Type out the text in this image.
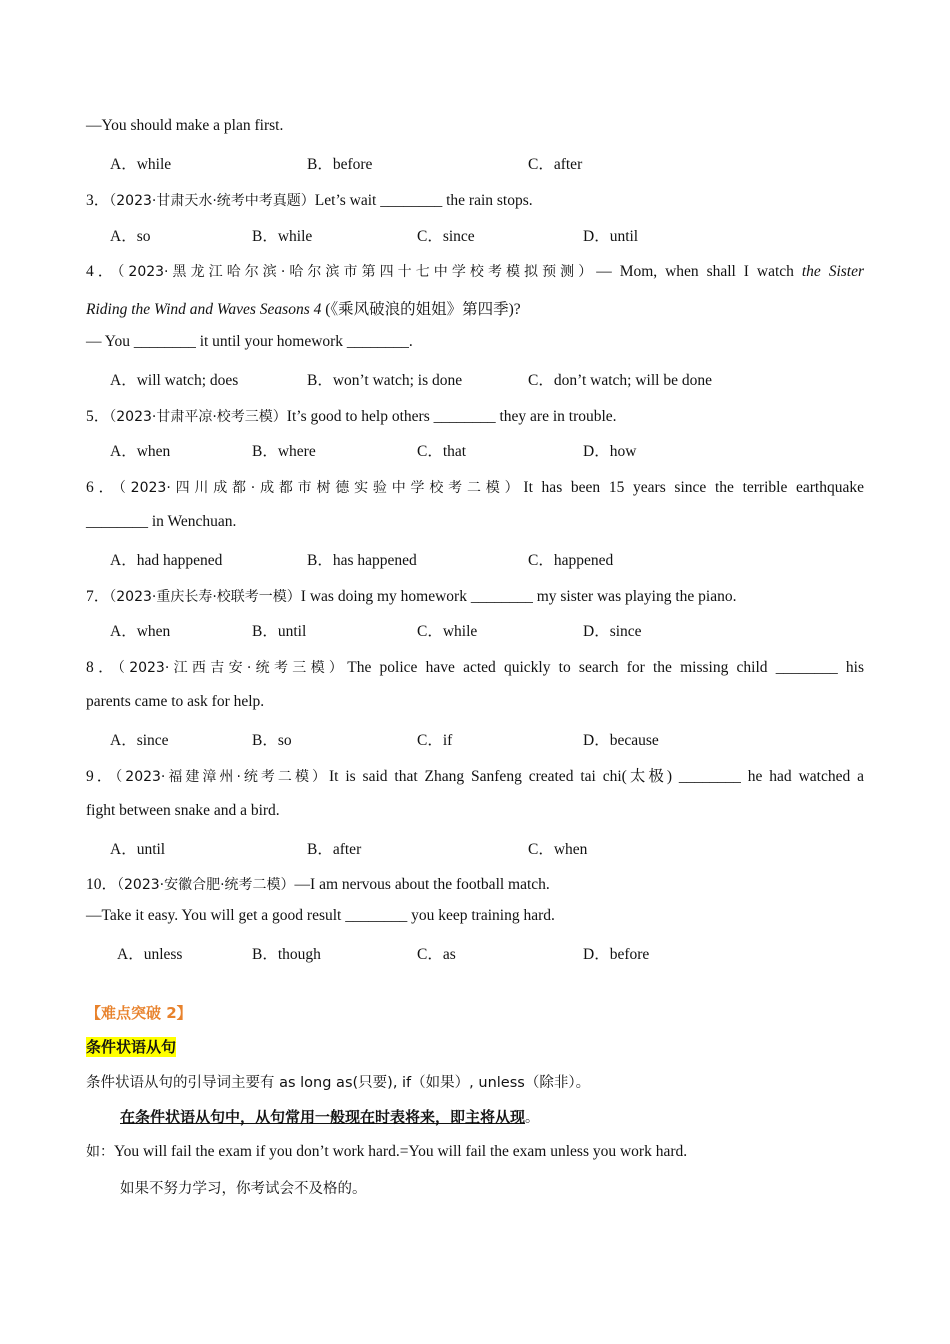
—You should make a plan first.
A．while	B．before	C．after
3．（2023·甘肃天水·统考中考真题）Let’s wait ________ the rain stops.
A．so	B．while	C．since	D．until
4．（2023·黑龙江哈尔滨·哈尔滨市第四十七中学校考模拟预测）— Mom, when shall I watch the Sister
Riding the Wind and Waves Seasons 4 (《乘风破浪的姐姐》第四季)?
— You ________ it until your homework ________.
A．will watch; does	B．won’t watch; is done	C．don’t watch; will be done
5．（2023·甘肃平凉·校考三模）It’s good to help others ________ they are in trouble.
A．when	B．where	C．that	D．how
6．（2023·四川成都·成都市树德实验中学校考二模）It has been 15 years since the terrible earthquake
________ in Wenchuan.
A．had happened	B．has happened	C．happened
7．（2023·重庆长寿·校联考一模）I was doing my homework ________ my sister was playing the piano.
A．when	B．until	C．while	D．since
8．（2023·江西吉安·统考三模）The police have acted quickly to search for the missing child ________ his
parents came to ask for help.
A．since	B．so	C．if	D．because
9．（2023·福建漳州·统考二模）It is said that Zhang Sanfeng created tai chi(太极) ________ he had watched a
fight between snake and a bird.
A．until	B．after	C．when
10．（2023·安徽合肥·统考二模）—I am nervous about the football match.
—Take it easy. You will get a good result ________ you keep training hard.
A．unless	B．though	C．as	D．before
【难点突破 2】
条件状语从句
条件状语从句的引导词主要有 as long as(只要), if（如果）, unless（除非）。
在条件状语从句中，从句常用一般现在时表将来，即主将从现。
如：You will fail the exam if you don’t work hard.=You will fail the exam unless you work hard.
如果不努力学习，你考试会不及格的。
